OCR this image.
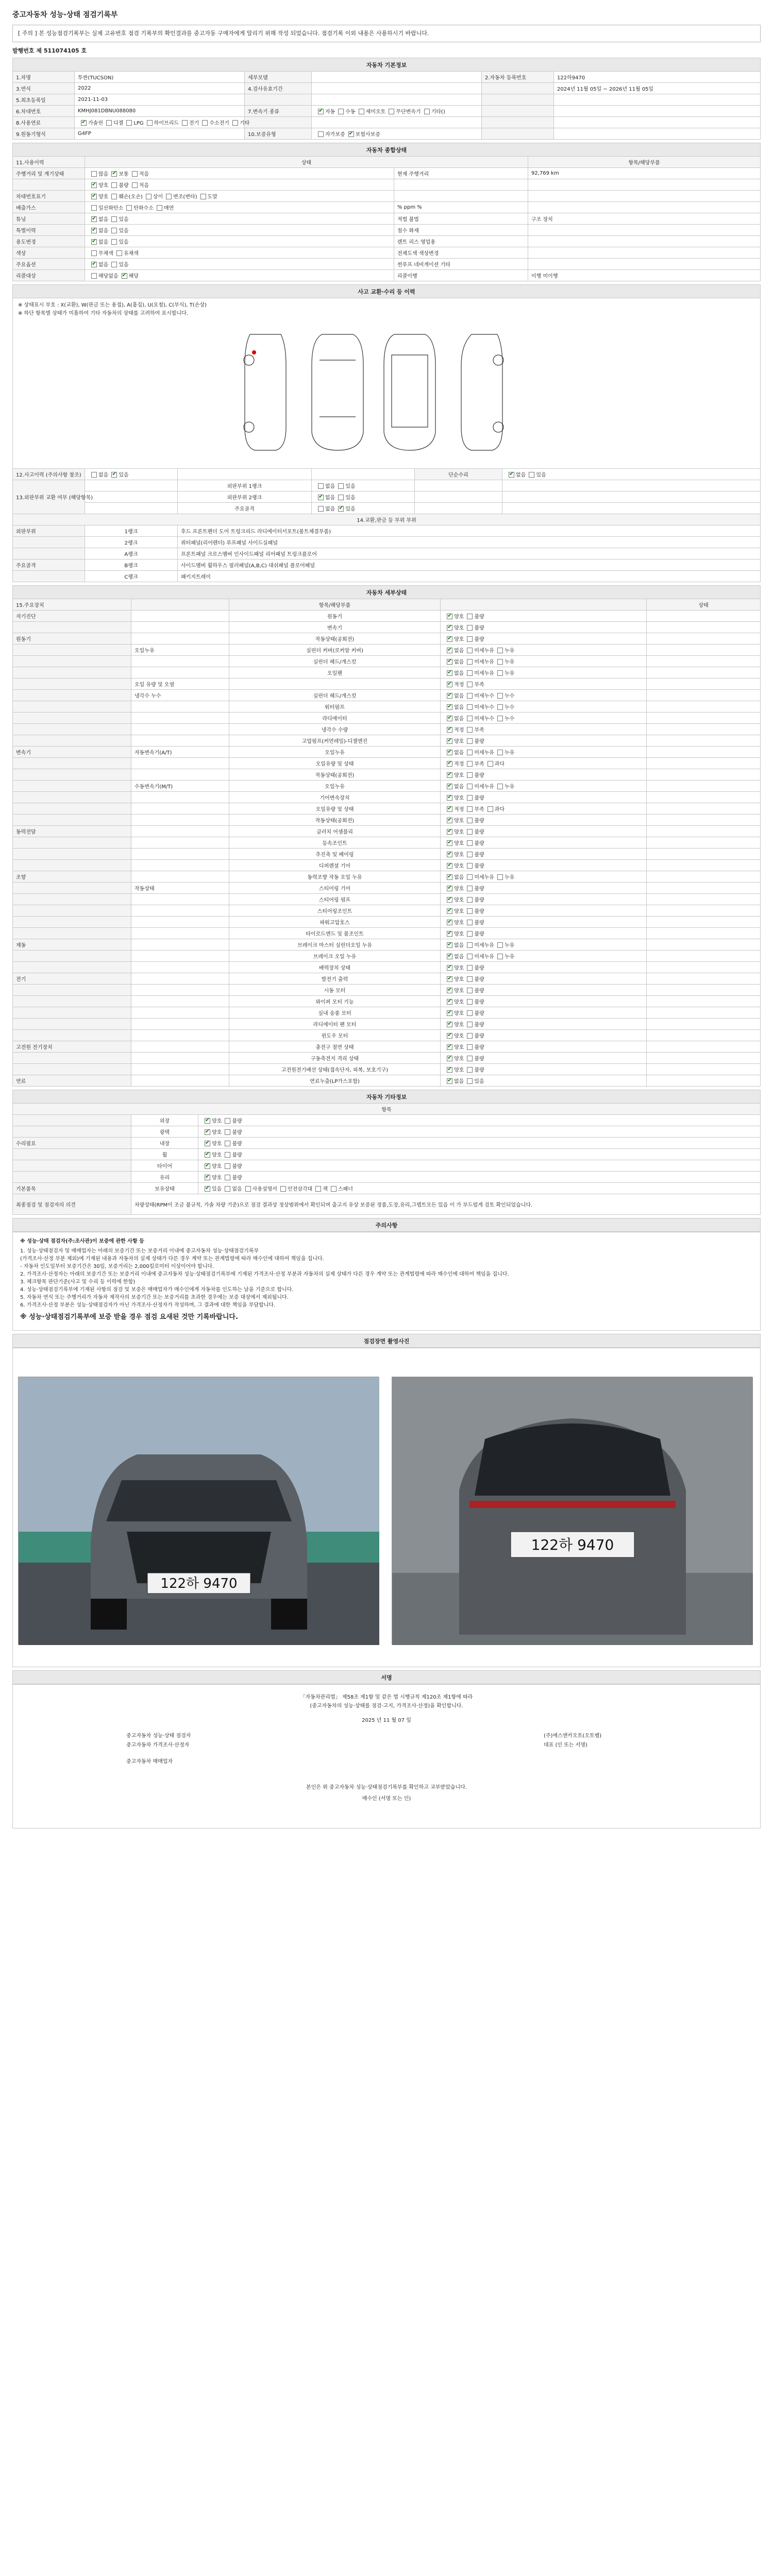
중고자동차 성능·상태 점검기록부
[ 주의 ] 본 성능점검기록부는 실제 고유번호 점검 기록부의 확인결과를 중고자동 구매자에게 알리기 위해 작성 되었습니다. 점검기록 이외 내용은 사용하시기 바랍니다.
발행번호 제 511074105 호
자동차 기본정보					
1.차명	투싼(TUCSON)	세부모델		2.자동차 등록번호	122하9470
3.연식	2022	4.검사유효기간			2024년 11월 05일 ~ 2026년 11월 05일
5.최초등록일	2021-11-03				
6.차대번호	KMHJ081DBNU088080	7.변속기 종류	✔자동 수동 세미오토 무단변속기 기타()		
8.사용연료	✔가솔린 디젤 LPG 하이브리드 전기 수소전기 기타				
9.원동기형식	G4FP	10.보증유형	자가보증 ✔ 보험사보증		
자동차 종합상태			
11.사용이력	상태		항목/해당부품
주행거리 및 계기상태	많음 ✔ 보통 적음	현재 주행거리	92,769 km
	✔양호 불량 적음		
차대번호표기	✔양호 훼손(오손) 상이 변조(변타) 도말		
배출가스	일산화탄소 탄화수소 매연	% ppm %	
튜닝	✔없음 있음	적법 불법	구조 장치
특별이력	✔없음 있음	침수 화재	
용도변경	✔없음 있음	렌트 리스 영업용	
색상	무채색 유채색	전체도색 색상변경	
주요옵션	✔없음 있음	썬루프 네비게이션 기타	
리콜대상	해당없음 ✔ 해당	리콜이행	이행 미이행
사고 교환·수리 등 이력
※ 상태표시 부호 : X(교환), W(판금 또는 용접), A(흠집), U(요철), C(부식), T(손상)
※ 하단 항목별 상태가 미흡하여 기타 자동차의 상태를 고려하여 표시합니다.
12.사고이력 (주의사항 참조)	없음 ✔ 있음			단순수리	✔없음 있음
13.외판부위 교환 여부 (해당항목)		외판부위 1랭크	없음 있음		
		외판부위 2랭크	✔없음 있음		
		주요골격	없음 ✔ 있음		
14.교환,판금 등 부위 부위					
외판부위	1랭크	후드 프론트펜더 도어 트렁크리드 라디에이터서포트(볼트체결부품)			
	2랭크	쿼터패널(리어펜더) 루프패널 사이드실패널			
	A랭크	프론트패널 크로스멤버 인사이드패널 리어패널 트렁크플로어			
주요골격	B랭크	사이드멤버 휠하우스 필러패널(A,B,C) 대쉬패널 플로어패널			
	C랭크	패키지트레이			
자동차 세부상태				
15.주요장치		항목/해당부품		상태
자기진단		원동기	✔양호 불량	
		변속기	✔양호 불량	
원동기		작동상태(공회전)	✔양호 불량	
	오일누유	실린더 커버(로커암 커버)	✔없음 미세누유 누유	
		실린더 헤드/개스킷	✔없음 미세누유 누유	
		오일팬	✔없음 미세누유 누유	
	오일 유량 및 오염		✔적정 부족	
	냉각수 누수	실린더 헤드/개스킷	✔없음 미세누수 누수	
		워터펌프	✔없음 미세누수 누수	
		라디에이터	✔없음 미세누수 누수	
		냉각수 수량	✔적정 부족	
		고압펌프(커먼레일)-디젤엔진	✔양호 불량	
변속기	자동변속기(A/T)	오일누유	✔없음 미세누유 누유	
		오일유량 및 상태	✔적정 부족 과다	
		작동상태(공회전)	✔양호 불량	
	수동변속기(M/T)	오일누유	✔없음 미세누유 누유	
		기어변속장치	✔양호 불량	
		오일유량 및 상태	✔적정 부족 과다	
		작동상태(공회전)	✔양호 불량	
동력전달		클러치 어셈블리	✔양호 불량	
		등속조인트	✔양호 불량	
		추진축 및 베어링	✔양호 불량	
		디퍼렌셜 기어	✔양호 불량	
조향		동력조향 작동 오일 누유	✔없음 미세누유 누유	
	작동상태	스티어링 기어	✔양호 불량	
		스티어링 펌프	✔양호 불량	
		스티어링조인트	✔양호 불량	
		파워고압호스	✔양호 불량	
		타이로드엔드 및 볼조인트	✔양호 불량	
제동		브레이크 마스터 실린더오일 누유	✔없음 미세누유 누유	
		브레이크 오일 누유	✔없음 미세누유 누유	
		배력장치 상태	✔양호 불량	
전기		발전기 출력	✔양호 불량	
		시동 모터	✔양호 불량	
		와이퍼 모터 기능	✔양호 불량	
		실내 송풍 모터	✔양호 불량	
		라디에이터 팬 모터	✔양호 불량	
		윈도우 모터	✔양호 불량	
고전원 전기장치		충전구 절연 상태	✔양호 불량	
		구동축전지 격리 상태	✔양호 불량	
		고전원전기배선 상태(접속단자, 피복, 보호기구)	✔양호 불량	
연료		연료누출(LP가스포함)	✔없음 있음	
자동차 기타정보		
항목		
	외장	✔양호 불량
	광택	✔양호 불량
수리필요	내장	✔양호 불량
	휠	✔양호 불량
	타이어	✔양호 불량
	유리	✔양호 불량
기본품목	보유상태	✔있음 없음 사용설명서 안전삼각대 잭 스패너
최종점검 및 점검자의 의견	차량상태(RPM이 조금 불규칙, 가솔 차량 기준)으로 점검 결과상 정상범위에서 확인되며 출고지 유상 보증된 정품,도장,유리,그렙트모든 있음 이 가 부드럽게 검토 확인되었습니다.	
주의사항
※ 성능·상태 점검자(주:조사관)이 보증에 관한 사항 등
1. 성능·상태점검자 및 매매업자는 아래의 보증기간 또는 보증거리 이내에 중고자동차 성능·상태점검기록부
(가격조사·산정 부분 제외)에 기재된 내용과 자동차의 실제 상태가 다른 경우 계약 또는 관계법령에 따라 매수인에 대하여 책임을 집니다.
- 자동차 인도일부터 보증기간은 30일, 보증거리는 2,000킬로미터 이상이어야 합니다.
2. 가격조사·산정자는 아래의 보증기간 또는 보증거리 이내에 중고자동차 성능·상태점검기록부에 기재된 가격조사·산정 부분과 자동차의 실제 상태가 다른 경우 계약 또는 관계법령에 따라 매수인에 대하여 책임을 집니다.
3. 체크항목 판단기준(사고 및 수리 등 이력에 한함)
4. 성능·상태점검기록부에 기재된 사항의 점검 및 보증은 매매업자가 매수인에게 자동차를 인도하는 날을 기준으로 합니다.
5. 자동차 연식 또는 주행거리가 자동차 제작사의 보증기간 또는 보증거리를 초과한 경우에는 보증 대상에서 제외됩니다.
6. 가격조사·산정 부분은 성능·상태점검자가 아닌 가격조사·산정자가 작성하며, 그 결과에 대한 책임을 부담합니다.
※ 성능·상태점검기록부에 보증 받을 경우 점검 요새된 것만 기록바랍니다.
점검장면 촬영사진
122하 9470
122하 9470
서명
「자동차관리법」 제58조 제1항 및 같은 법 시행규칙 제120조 제1항에 따라
(중고자동차의 성능·상태를 점검·고지, 가격조사·산정)을 확인합니다.
2025 년 11 월 07 일
중고자동차 성능·상태 점검자
중고자동차 가격조사·산정자
(주)에스엔카오토(오토벨)
대표 (인 또는 서명)
중고자동차 매매업자
본인은 위 중고자동차 성능·상태점검기록부를 확인하고 교부받았습니다.
매수인 (서명 또는 인)
